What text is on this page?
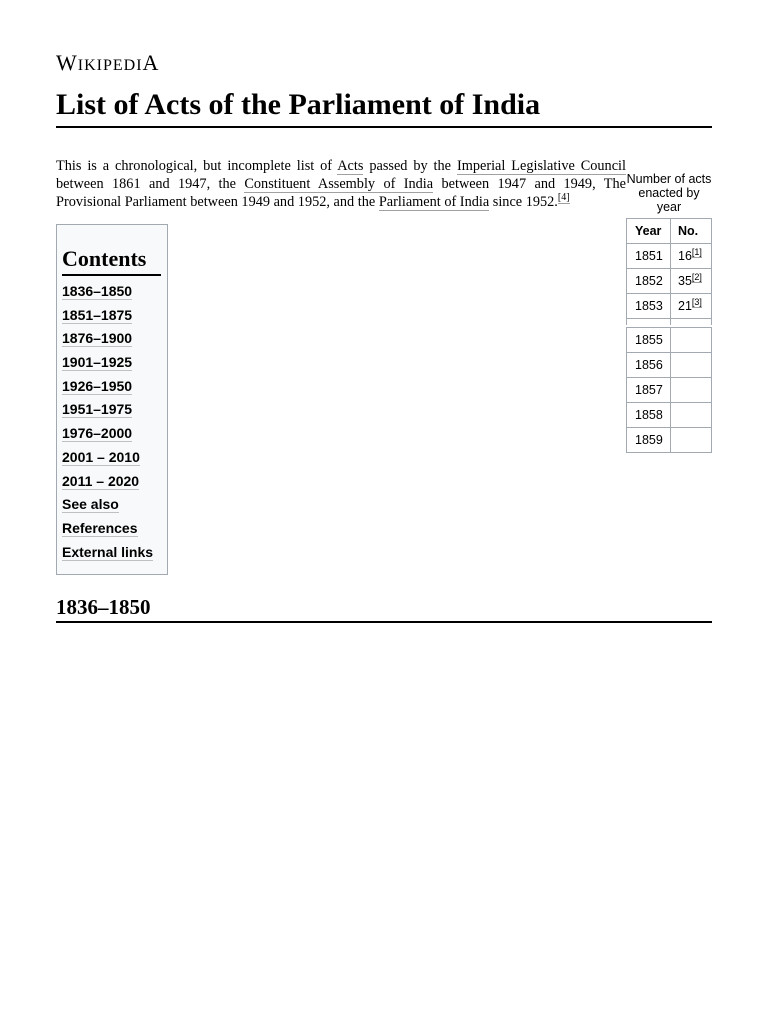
WIKIPEDIA
List of Acts of the Parliament of India

This is a chronological, but incomplete list of Acts passed by the Imperial Legislative Council between 1861 and 1947, the Constituent Assembly of India between 1947 and 1949, The Provisional Parliament between 1949 and 1952, and the Parliament of India since 1952.[4]

Number of acts enacted by year
Year	No.
1851	16[1]
1852	35[2]
1853	21[3]

1855	
1856	
1857	
1858	
1859	
Contents
1836–1850
1851–1875
1876–1900
1901–1925
1926–1950
1951–1975
1976–2000
2001 – 2010
2011 – 2020
See also
References
External links
1836–1850
